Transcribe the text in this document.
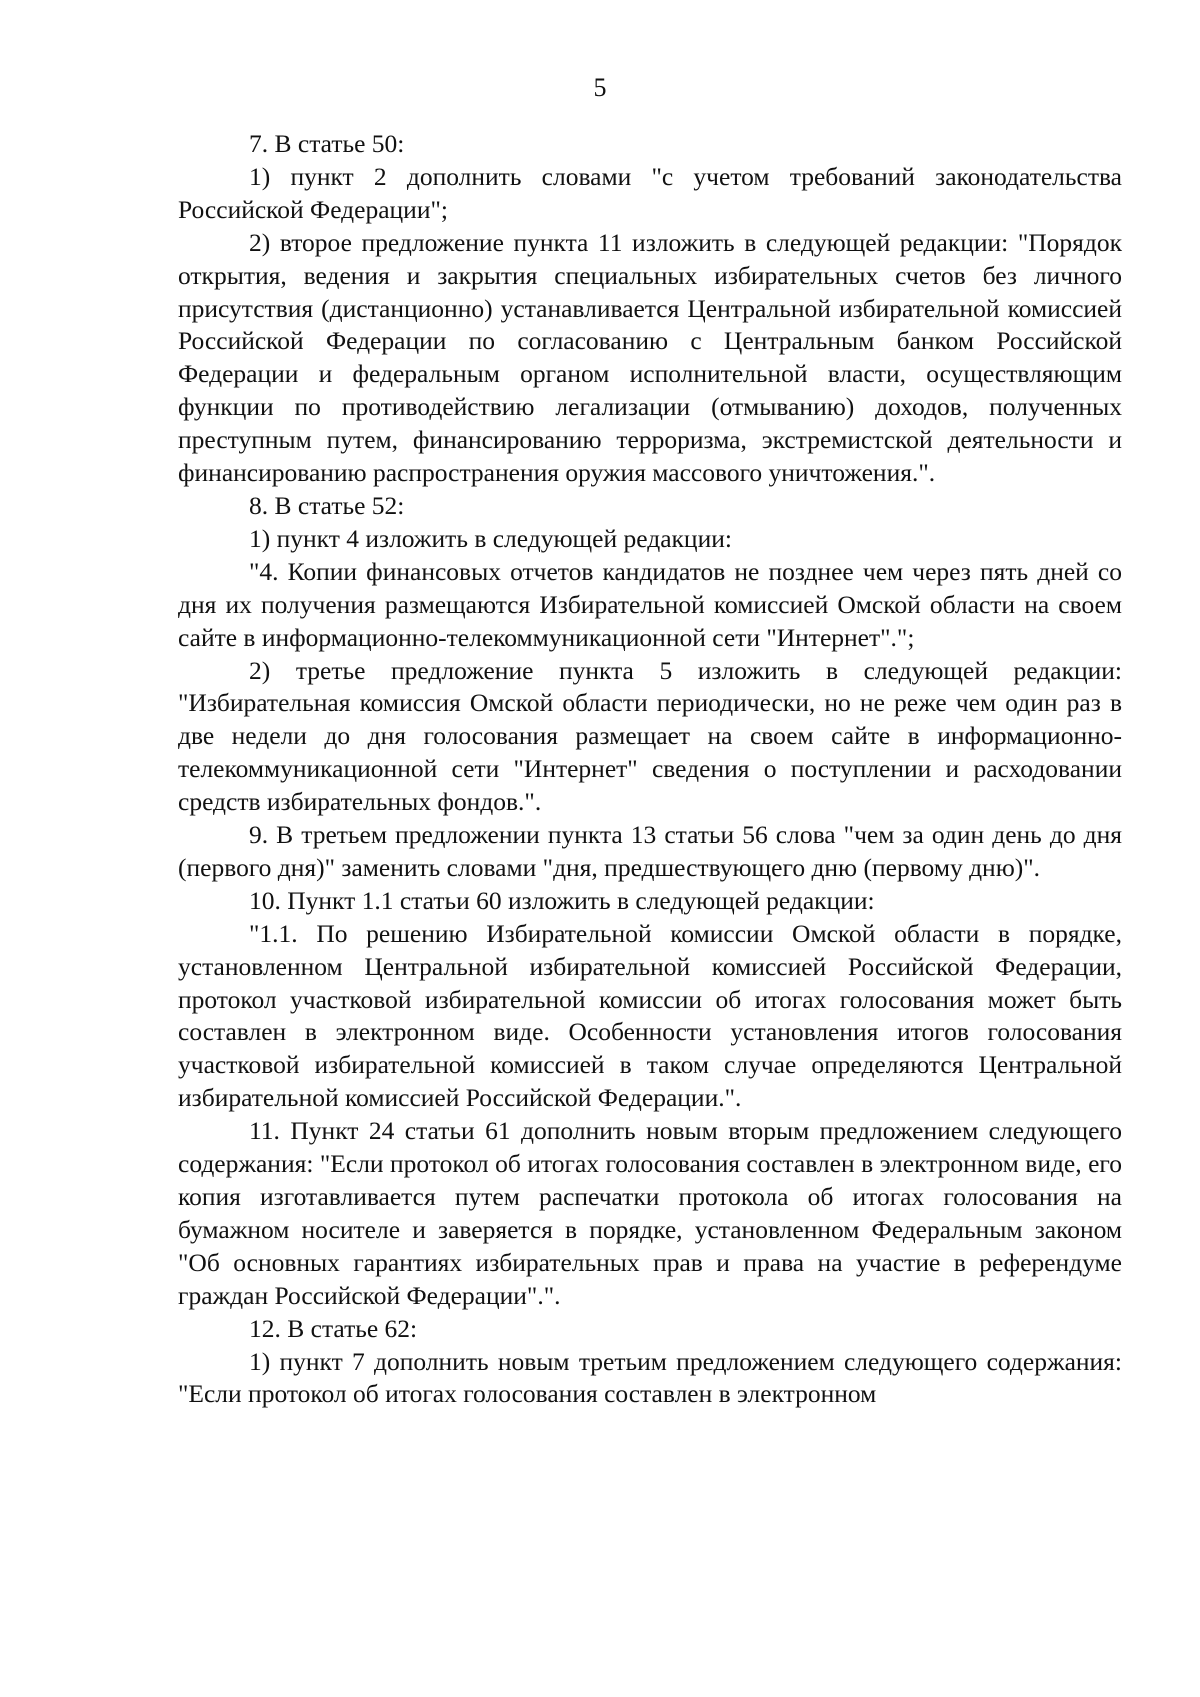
5

7. В статье 50:

1) пункт 2 дополнить словами "с учетом требований законодательства Российской Федерации";

2) второе предложение пункта 11 изложить в следующей редакции: "Порядок открытия, ведения и закрытия специальных избирательных счетов без личного присутствия (дистанционно) устанавливается Центральной избирательной комиссией Российской Федерации по согласованию с Центральным банком Российской Федерации и федеральным органом исполнительной власти, осуществляющим функции по противодействию легализации (отмыванию) доходов, полученных преступным путем, финансированию терроризма, экстремистской деятельности и финансированию распространения оружия массового уничтожения.".

8. В статье 52:

1) пункт 4 изложить в следующей редакции:

"4. Копии финансовых отчетов кандидатов не позднее чем через пять дней со дня их получения размещаются Избирательной комиссией Омской области на своем сайте в информационно-телекоммуникационной сети "Интернет".";

2) третье предложение пункта 5 изложить в следующей редакции: "Избирательная комиссия Омской области периодически, но не реже чем один раз в две недели до дня голосования размещает на своем сайте в информационно-телекоммуникационной сети "Интернет" сведения о поступлении и расходовании средств избирательных фондов.".

9. В третьем предложении пункта 13 статьи 56 слова "чем за один день до дня (первого дня)" заменить словами "дня, предшествующего дню (первому дню)".

10. Пункт 1.1 статьи 60 изложить в следующей редакции:

"1.1. По решению Избирательной комиссии Омской области в порядке, установленном Центральной избирательной комиссией Российской Федерации, протокол участковой избирательной комиссии об итогах голосования может быть составлен в электронном виде. Особенности установления итогов голосования участковой избирательной комиссией в таком случае определяются Центральной избирательной комиссией Российской Федерации.".

11. Пункт 24 статьи 61 дополнить новым вторым предложением следующего содержания: "Если протокол об итогах голосования составлен в электронном виде, его копия изготавливается путем распечатки протокола об итогах голосования на бумажном носителе и заверяется в порядке, установленном Федеральным законом "Об основных гарантиях избирательных прав и права на участие в референдуме граждан Российской Федерации".".

12. В статье 62:

1) пункт 7 дополнить новым третьим предложением следующего содержания: "Если протокол об итогах голосования составлен в электронном
